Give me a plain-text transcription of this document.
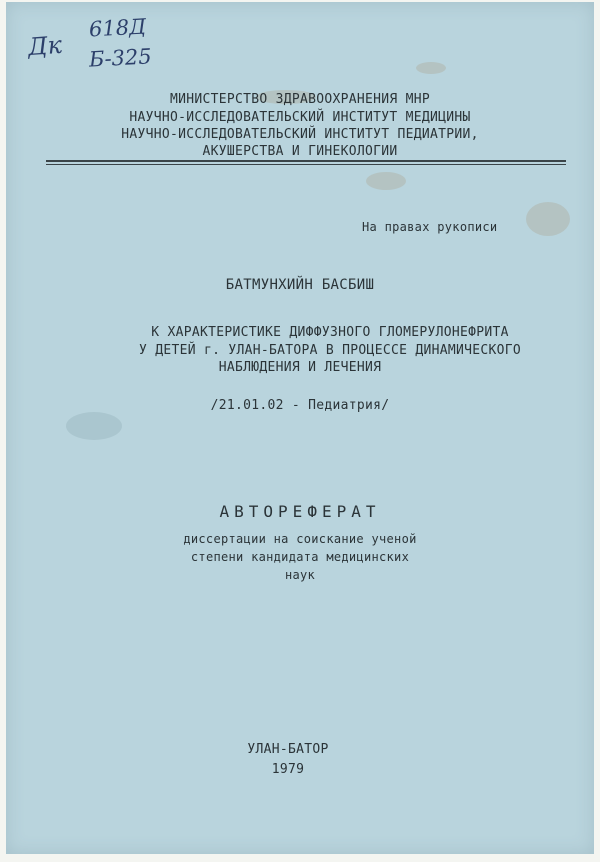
Дк
618Д
Б-325
МИНИСТЕРСТВО ЗДРАВООХРАНЕНИЯ МНР
НАУЧНО-ИССЛЕДОВАТЕЛЬСКИЙ ИНСТИТУТ МЕДИЦИНЫ
НАУЧНО-ИССЛЕДОВАТЕЛЬСКИЙ ИНСТИТУТ ПЕДИАТРИИ,
АКУШЕРСТВА И ГИНЕКОЛОГИИ
На правах рукописи
БАТМУНХИЙН БАСБИШ
К ХАРАКТЕРИСТИКЕ ДИФФУЗНОГО ГЛОМЕРУЛОНЕФРИТА
У ДЕТЕЙ г. УЛАН-БАТОРА В ПРОЦЕССЕ ДИНАМИЧЕСКОГО
НАБЛЮДЕНИЯ И ЛЕЧЕНИЯ
/21.01.02 - Педиатрия/
АВТОРЕФЕРАТ
диссертации на соискание ученой
степени кандидата медицинских
наук
УЛАН-БАТОР
1979
